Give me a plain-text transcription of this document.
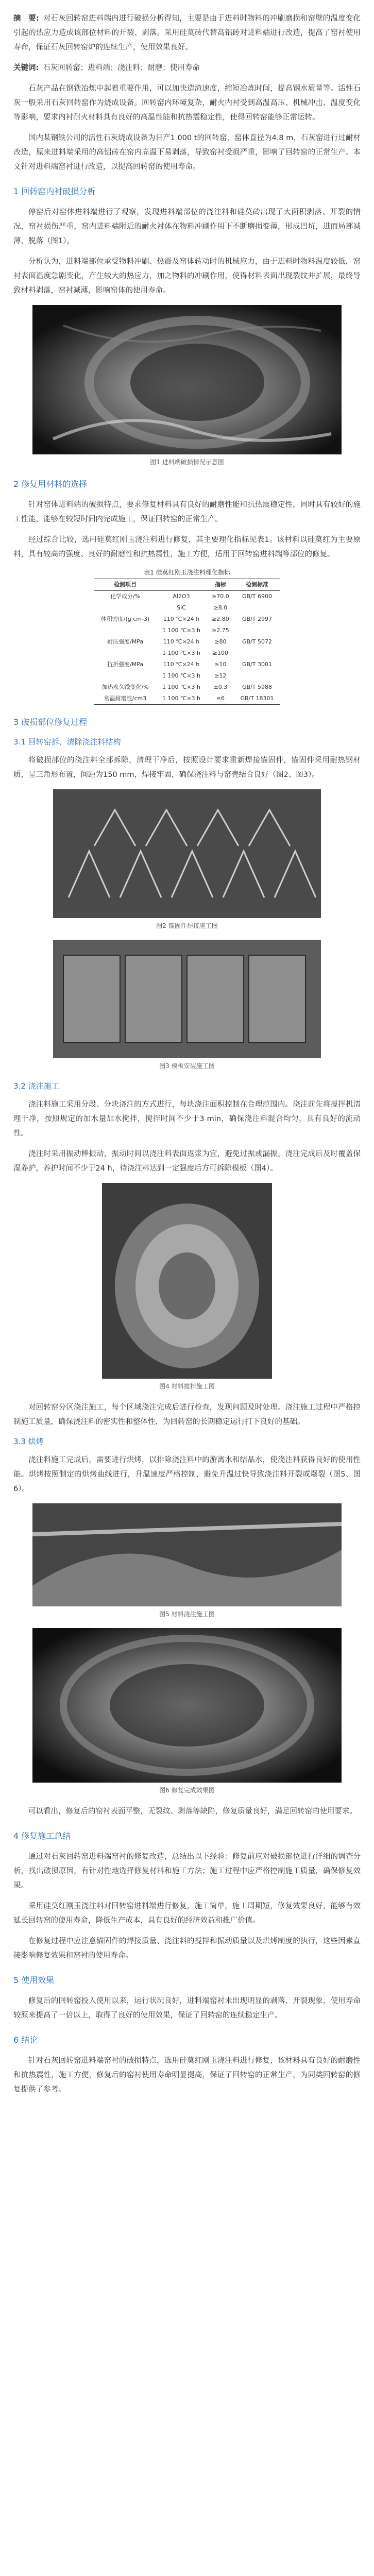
摘　要: 对石灰回转窑进料端内进行破损分析得知，主要是由于进料时物料的冲刷磨损和窑壁的温度变化引起的热应力造成该部位材料的开裂、剥落。采用硅莫砖代替高铝砖对进料端进行改造，提高了窑衬使用寿命，保证石灰回转窑炉的连续生产，使用效果良好。

关键词: 石灰回转窑；进料端；浇注料；耐磨；使用寿命

石灰产品在钢铁冶炼中起着重要作用，可以加快造渣速度，缩短冶炼时间，提高钢水质量等。活性石灰一般采用石灰回转窑作为烧成设备。回转窑内环境复杂，耐火内衬受到高温高压、机械冲击、温度变化等影响，要求内衬耐火材料具有良好的高温性能和抗热震稳定性，使得回转窑能够正常运转。

国内某钢铁公司的活性石灰烧成设备为日产1 000 t的回转窑，窑体直径为4.8 m，石灰窑进行过耐材改造，原来进料端采用的高铝砖在窑内高温下易剥落，导致窑衬受损严重，影响了回转窑的正常生产。本文针对进料端窑衬进行改造，以提高回转窑的使用寿命。

1 回转窑内衬破损分析

停窑后对窑体进料端进行了观察，发现进料端部位的浇注料和硅莫砖出现了大面积剥落、开裂的情况，窑衬损伤严重，窑内进料端附近的耐火衬体在物料冲刷作用下不断磨损变薄，形成凹坑，进而局部减薄、脱落（图1）。

分析认为，进料端部位承受物料冲刷、热震及窑体转动时的机械应力，由于进料时物料温度较低，窑衬表面温度急剧变化，产生较大的热应力，加之物料的冲刷作用，使得材料表面出现裂纹并扩展，最终导致材料剥落，窑衬减薄，影响窑体的使用寿命。

图1 进料端破损情况示意图

2 修复用材料的选择

针对窑体进料端的破损特点，要求修复材料具有良好的耐磨性能和抗热震稳定性，同时具有较好的施工性能，能够在较短时间内完成施工，保证回转窑的正常生产。

经过综合比较，选用硅莫红刚玉浇注料进行修复，其主要理化指标见表1。该材料以硅莫红为主要原料，具有较高的强度、良好的耐磨性和抗热震性，施工方便，适用于回转窑进料端等部位的修复。

表1 硅莫红刚玉浇注料理化指标
检测项目		指标	检测标准
化学成分/%	Al2O3	≥70.0	GB/T 6900
	SiC	≥8.0	
体积密度/(g·cm-3)	110 ℃×24 h	≥2.80	GB/T 2997
	1 100 ℃×3 h	≥2.75	
耐压强度/MPa	110 ℃×24 h	≥80	GB/T 5072
	1 100 ℃×3 h	≥100	
抗折强度/MPa	110 ℃×24 h	≥10	GB/T 3001
	1 100 ℃×3 h	≥12	
加热永久线变化/%	1 100 ℃×3 h	±0.3	GB/T 5988
常温耐磨性/cm3	1 100 ℃×3 h	≤6	GB/T 18301
3 破损部位修复过程
3.1 回转窑拆、清除浇注料结构

将破损部位的浇注料全部拆除，清理干净后，按照设计要求重新焊接锚固件，锚固件采用耐热钢材质，呈三角形布置，间距为150 mm，焊接牢固，确保浇注料与窑壳结合良好（图2、图3）。

图2 锚固件焊接施工图

图3 模板安装施工图

3.2 浇注施工

浇注料施工采用分段、分块浇注的方式进行，每块浇注面积控制在合理范围内。浇注前先将搅拌机清理干净，按照规定的加水量加水搅拌，搅拌时间不少于3 min，确保浇注料混合均匀，具有良好的流动性。

浇注时采用振动棒振动，振动时间以浇注料表面返浆为宜，避免过振或漏振。浇注完成后及时覆盖保湿养护，养护时间不少于24 h，待浇注料达到一定强度后方可拆除模板（图4）。

图4 材料搅拌施工图

对回转窑分区浇注施工，每个区域浇注完成后进行检查，发现问题及时处理。浇注施工过程中严格控制施工质量，确保浇注料的密实性和整体性，为回转窑的长期稳定运行打下良好的基础。

3.3 烘烤

浇注料施工完成后，需要进行烘烤，以排除浇注料中的游离水和结晶水，使浇注料获得良好的使用性能。烘烤按照制定的烘烤曲线进行，升温速度严格控制，避免升温过快导致浇注料开裂或爆裂（图5、图6）。

图5 材料浇注施工图

图6 修复完成效果图

可以看出，修复后的窑衬表面平整，无裂纹、剥落等缺陷，修复质量良好，满足回转窑的使用要求。

4 修复施工总结

通过对石灰回转窑进料端窑衬的修复改造，总结出以下经验：修复前应对破损部位进行详细的调查分析，找出破损原因，有针对性地选择修复材料和施工方法；施工过程中应严格控制施工质量，确保修复效果。

采用硅莫红刚玉浇注料对回转窑进料端进行修复，施工简单，施工周期短，修复效果良好，能够有效延长回转窑的使用寿命，降低生产成本，具有良好的经济效益和推广价值。

在修复过程中应注意锚固件的焊接质量、浇注料的搅拌和振动质量以及烘烤制度的执行，这些因素直接影响修复效果和窑衬的使用寿命。

5 使用效果

修复后的回转窑投入使用以来，运行状况良好，进料端窑衬未出现明显的剥落、开裂现象，使用寿命较原来提高了一倍以上，取得了良好的使用效果，保证了回转窑的连续稳定生产。

6 结论

针对石灰回转窑进料端窑衬的破损特点，选用硅莫红刚玉浇注料进行修复，该材料具有良好的耐磨性和抗热震性，施工方便，修复后的窑衬使用寿命明显提高，保证了回转窑的正常生产，为同类回转窑的修复提供了参考。
